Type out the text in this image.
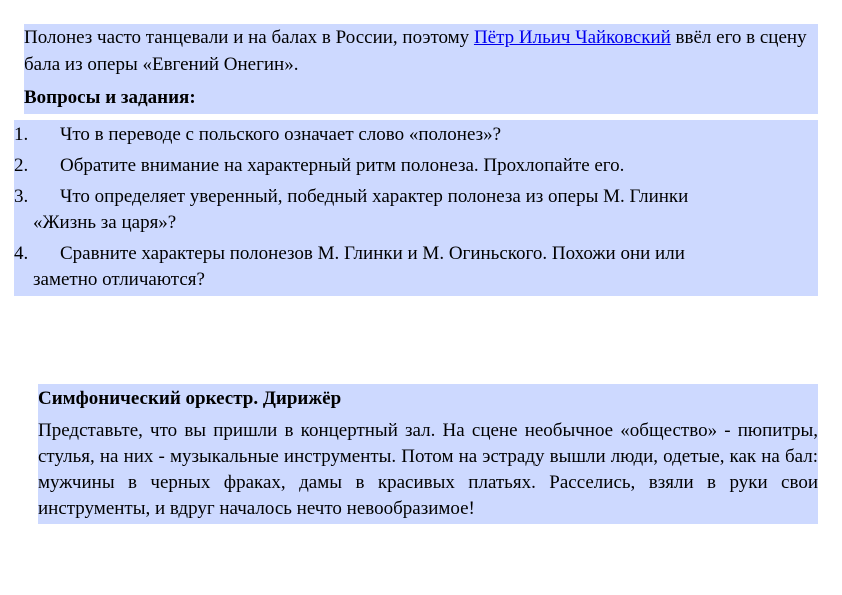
Полонез часто танцевали и на балах в России, поэтому Пётр Ильич Чайковский ввёл его в сцену бала из оперы «Евгений Онегин».

Вопросы и задания:

1. Что в переводе с польского означает слово «полонез»?
2. Обратите внимание на характерный ритм полонеза. Прохлопайте его.
3. Что определяет уверенный, победный характер полонеза из оперы М. Глинки
«Жизнь за царя»?
4. Сравните характеры полонезов М. Глинки и М. Огиньского. Похожи они или
заметно отличаются?

Симфонический оркестр. Дирижёр

Представьте, что вы пришли в концертный зал. На сцене необычное «общество» - пюпитры, стулья, на них - музыкальные инструменты. Потом на эстраду вышли люди, одетые, как на бал: мужчины в черных фраках, дамы в красивых платьях. Расселись, взяли в руки свои инструменты, и вдруг началось нечто невообразимое!
